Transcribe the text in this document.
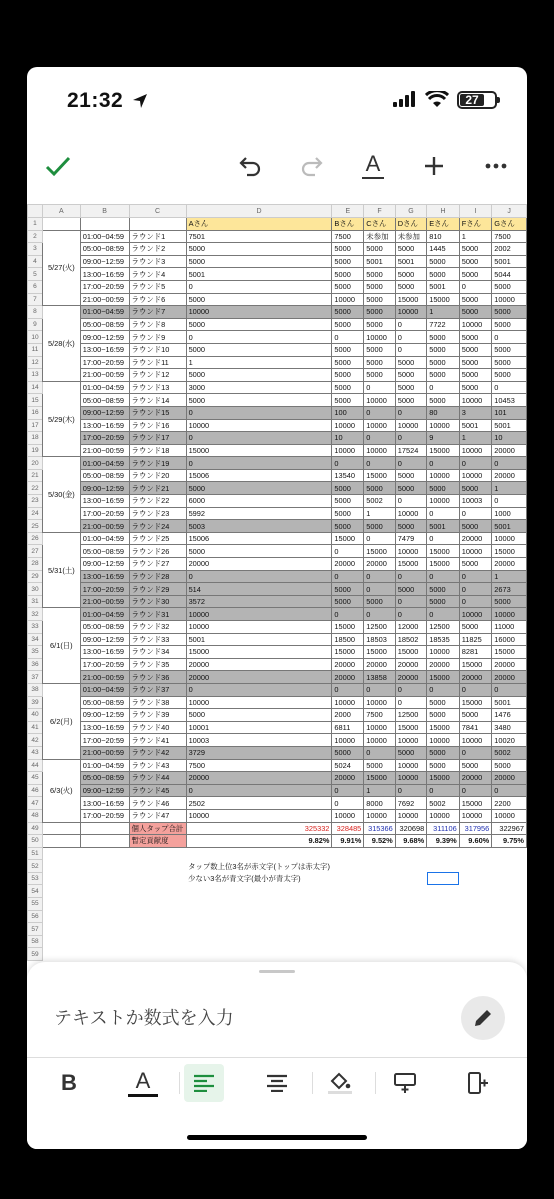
21:32	27
A
	A	B	C	D	E	F	G	H	I	J
1				Aさん	Bさん	Cさん	Dさん	Eさん	Fさん	Gさん
2	5/27(火)	01:00~04:59	ラウンド1	7501	7500	未参加	未参加	810	1	7500
3		05:00~08:59	ラウンド2	5000	5000	5000	5000	1445	5000	2002
4		09:00~12:59	ラウンド3	5000	5000	5001	5001	5000	5000	5001
5		13:00~16:59	ラウンド4	5001	5000	5000	5000	5000	5000	5044
6		17:00~20:59	ラウンド5	0	5000	5000	5000	5001	0	5000
7		21:00~00:59	ラウンド6	5000	10000	5000	15000	15000	5000	10000
8	5/28(水)	01:00~04:59	ラウンド7	10000	5000	5000	10000	1	5000	5000
9		05:00~08:59	ラウンド8	5000	5000	5000	0	7722	10000	5000
10		09:00~12:59	ラウンド9	0	0	10000	0	5000	5000	0
11		13:00~16:59	ラウンド10	5000	5000	5000	0	5000	5000	5000
12		17:00~20:59	ラウンド11	1	5000	5000	5000	5000	5000	5000
13		21:00~00:59	ラウンド12	5000	5000	5000	5000	5000	5000	5000
14	5/29(木)	01:00~04:59	ラウンド13	3000	5000	0	5000	0	5000	0
15		05:00~08:59	ラウンド14	5000	5000	10000	5000	5000	10000	10453
16		09:00~12:59	ラウンド15	0	100	0	0	80	3	101
17		13:00~16:59	ラウンド16	10000	10000	10000	10000	10000	5001	5001
18		17:00~20:59	ラウンド17	0	10	0	0	9	1	10
19		21:00~00:59	ラウンド18	15000	10000	10000	17524	15000	10000	20000
20	5/30(金)	01:00~04:59	ラウンド19	0	0	0	0	0	0	0
21		05:00~08:59	ラウンド20	15006	13540	15000	5000	10000	10000	20000
22		09:00~12:59	ラウンド21	5000	5000	5000	5000	5000	5000	1
23		13:00~16:59	ラウンド22	6000	5000	5002	0	10000	10003	0
24		17:00~20:59	ラウンド23	5992	5000	1	10000	0	0	1000
25		21:00~00:59	ラウンド24	5003	5000	5000	5000	5001	5000	5001
26	5/31(土)	01:00~04:59	ラウンド25	15006	15000	0	7479	0	20000	10000
27		05:00~08:59	ラウンド26	5000	0	15000	10000	15000	10000	15000
28		09:00~12:59	ラウンド27	20000	20000	20000	15000	15000	5000	20000
29		13:00~16:59	ラウンド28	0	0	0	0	0	0	1
30		17:00~20:59	ラウンド29	514	5000	0	5000	5000	0	2673
31		21:00~00:59	ラウンド30	3572	5000	5000	0	5000	0	5000
32	6/1(日)	01:00~04:59	ラウンド31	10000	0	0	0	0	10000	10000
33		05:00~08:59	ラウンド32	10000	15000	12500	12000	12500	5000	11000
34		09:00~12:59	ラウンド33	5001	18500	18503	18502	18535	11825	16000
35		13:00~16:59	ラウンド34	15000	15000	15000	15000	10000	8281	15000
36		17:00~20:59	ラウンド35	20000	20000	20000	20000	20000	15000	20000
37		21:00~00:59	ラウンド36	20000	20000	13858	20000	15000	20000	20000
38	6/2(月)	01:00~04:59	ラウンド37	0	0	0	0	0	0	0
39		05:00~08:59	ラウンド38	10000	10000	10000	0	5000	15000	5001
40		09:00~12:59	ラウンド39	5000	2000	7500	12500	5000	5000	1476
41		13:00~16:59	ラウンド40	10001	6811	10000	15000	15000	7841	3480
42		17:00~20:59	ラウンド41	10003	10000	10000	10000	10000	10000	10020
43		21:00~00:59	ラウンド42	3729	5000	0	5000	5000	0	5002
44	6/3(火)	01:00~04:59	ラウンド43	7500	5024	5000	10000	5000	5000	5000
45		05:00~08:59	ラウンド44	20000	20000	15000	10000	15000	20000	20000
46		09:00~12:59	ラウンド45	0	0	1	0	0	0	0
47		13:00~16:59	ラウンド46	2502	0	8000	7692	5002	15000	2200
48		17:00~20:59	ラウンド47	10000	10000	10000	10000	10000	10000	10000
49			個人タップ合計	325332	328485	315366	320698	311106	317956	322967
50			暫定貢献度	9.82%	9.91%	9.52%	9.68%	9.39%	9.60%	9.75%
51										
52				タップ数上位3名が赤文字(トップは赤太字)						
53				少ない3名が青文字(最小が青太字)						
54										
55										
56										
57										
58										
59										
テキストか数式を入力
B	A
